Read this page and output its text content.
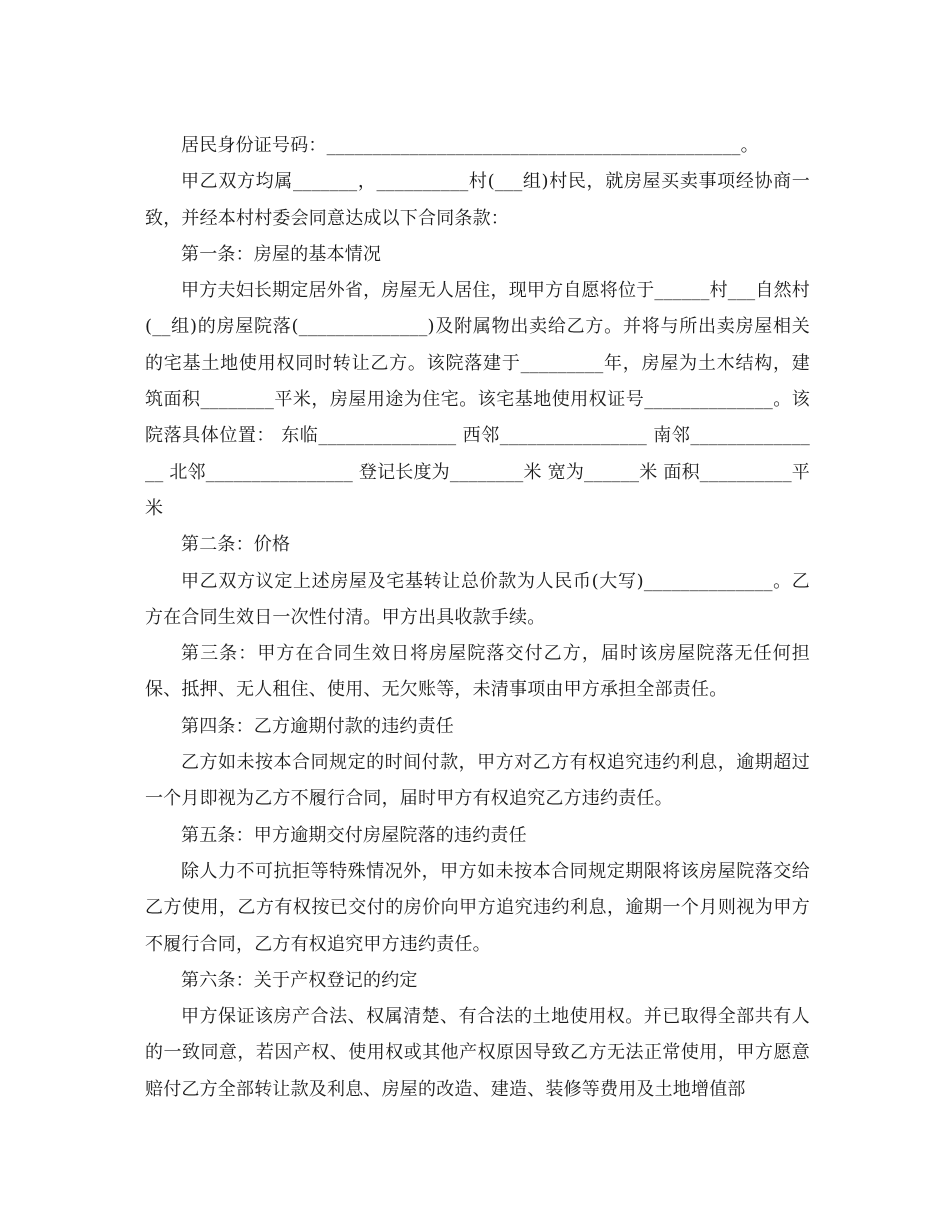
居民身份证号码：_____________________________________________。

甲乙双方均属_______，__________村(___组)村民，就房屋买卖事项经协商一致，并经本村村委会同意达成以下合同条款：

第一条：房屋的基本情况

甲方夫妇长期定居外省，房屋无人居住，现甲方自愿将位于______村___自然村(__组)的房屋院落(______________)及附属物出卖给乙方。并将与所出卖房屋相关的宅基土地使用权同时转让乙方。该院落建于_________年，房屋为土木结构，建筑面积________平米，房屋用途为住宅。该宅基地使用权证号______________。该院落具体位置： 东临_______________ 西邻________________ 南邻_______________ 北邻________________ 登记长度为________米 宽为______米 面积__________平米

第二条：价格

甲乙双方议定上述房屋及宅基转让总价款为人民币(大写)______________。乙方在合同生效日一次性付清。甲方出具收款手续。

第三条：甲方在合同生效日将房屋院落交付乙方，届时该房屋院落无任何担保、抵押、无人租住、使用、无欠账等，未清事项由甲方承担全部责任。

第四条：乙方逾期付款的违约责任

乙方如未按本合同规定的时间付款，甲方对乙方有权追究违约利息，逾期超过一个月即视为乙方不履行合同，届时甲方有权追究乙方违约责任。

第五条：甲方逾期交付房屋院落的违约责任

除人力不可抗拒等特殊情况外，甲方如未按本合同规定期限将该房屋院落交给乙方使用，乙方有权按已交付的房价向甲方追究违约利息，逾期一个月则视为甲方不履行合同，乙方有权追究甲方违约责任。

第六条：关于产权登记的约定

甲方保证该房产合法、权属清楚、有合法的土地使用权。并已取得全部共有人的一致同意，若因产权、使用权或其他产权原因导致乙方无法正常使用，甲方愿意赔付乙方全部转让款及利息、房屋的改造、建造、装修等费用及土地增值部
